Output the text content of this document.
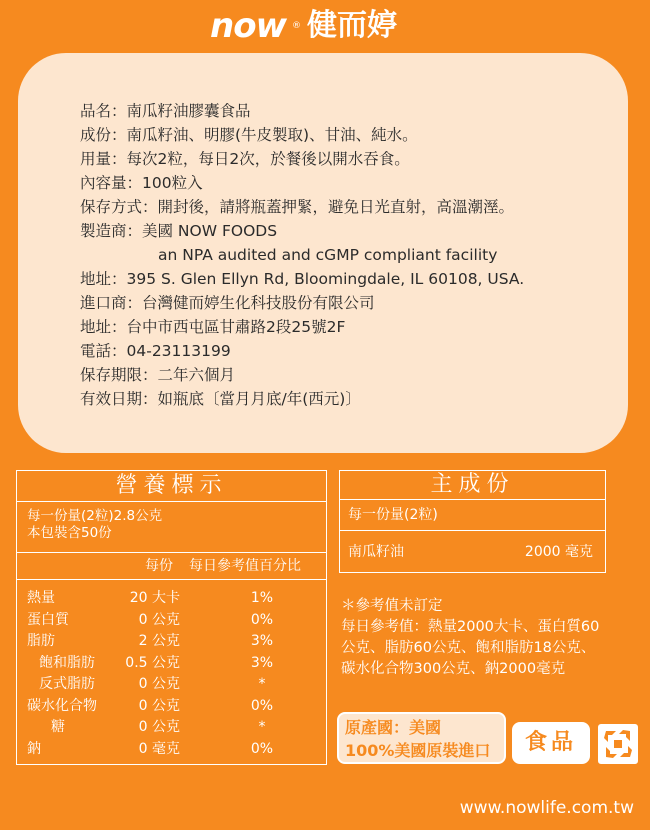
now ® 健而婷
品名：南瓜籽油膠囊食品
成份：南瓜籽油、明膠(牛皮製取)、甘油、純水。
用量：每次2粒，每日2次，於餐後以開水吞食。
內容量：100粒入
保存方式：開封後，請將瓶蓋押緊，避免日光直射，高溫潮溼。
製造商：美國 NOW FOODS
an NPA audited and cGMP compliant facility
地址：395 S. Glen Ellyn Rd, Bloomingdale, IL 60108, USA.
進口商：台灣健而婷生化科技股份有限公司
地址：台中市西屯區甘肅路2段25號2F
電話：04-23113199
保存期限：二年六個月
有效日期：如瓶底〔當月月底/年(西元)〕
營養標示
每一份量(2粒)2.8公克
本包裝含50份
每份 每日參考值百分比
熱量	20 大卡	1%
蛋白質	0 公克	0%
脂肪	2 公克	3%
飽和脂肪 0.5 公克	3%
反式脂肪	0 公克	*
碳水化合物	0 公克	0%
糖	0 公克	*
鈉	0 毫克	0%
主成份
每一份量(2粒)
南瓜籽油	2000 毫克
＊參考值未訂定
每日參考值：熱量2000大卡、蛋白質60
公克、脂肪60公克、飽和脂肪18公克、
碳水化合物300公克、鈉2000毫克
原產國：美國
100%美國原裝進口	食品
www.nowlife.com.tw
